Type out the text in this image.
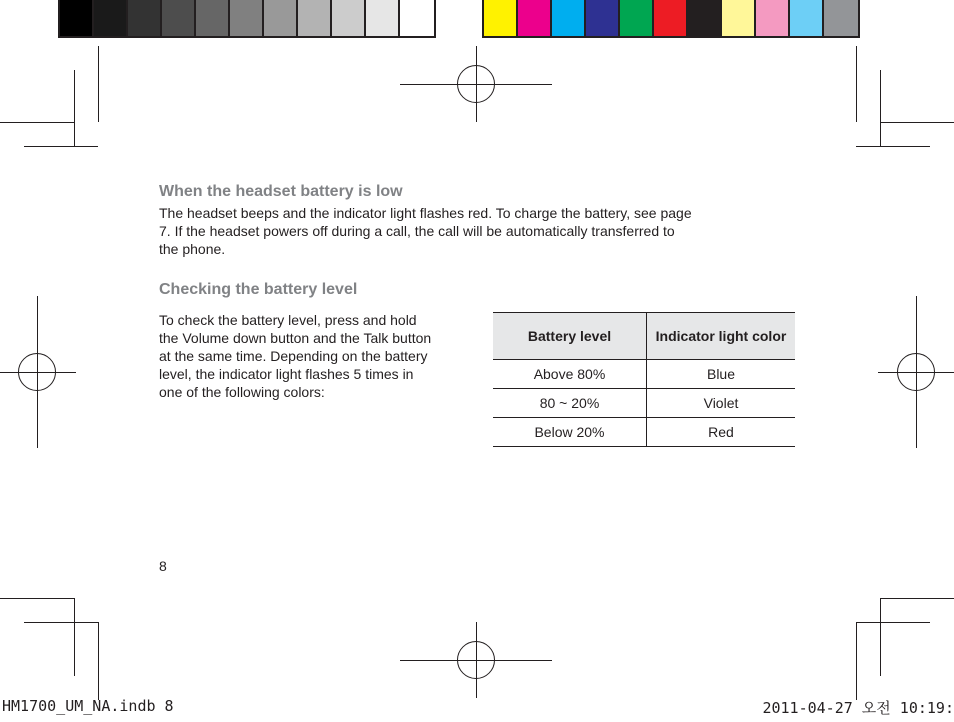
When the headset battery is low
The headset beeps and the indicator light flashes red. To charge the battery, see page
7. If the headset powers off during a call, the call will be automatically transferred to
the phone.
Checking the battery level
To check the battery level, press and hold
the Volume down button and the Talk button
at the same time. Depending on the battery
level, the indicator light flashes 5 times in
one of the following colors:
Battery level	Indicator light color
Above 80%	Blue
80 ~ 20%	Violet
Below 20%	Red
8
HM1700_UM_NA.indb 8	2011-04-27 오전 10:19:
